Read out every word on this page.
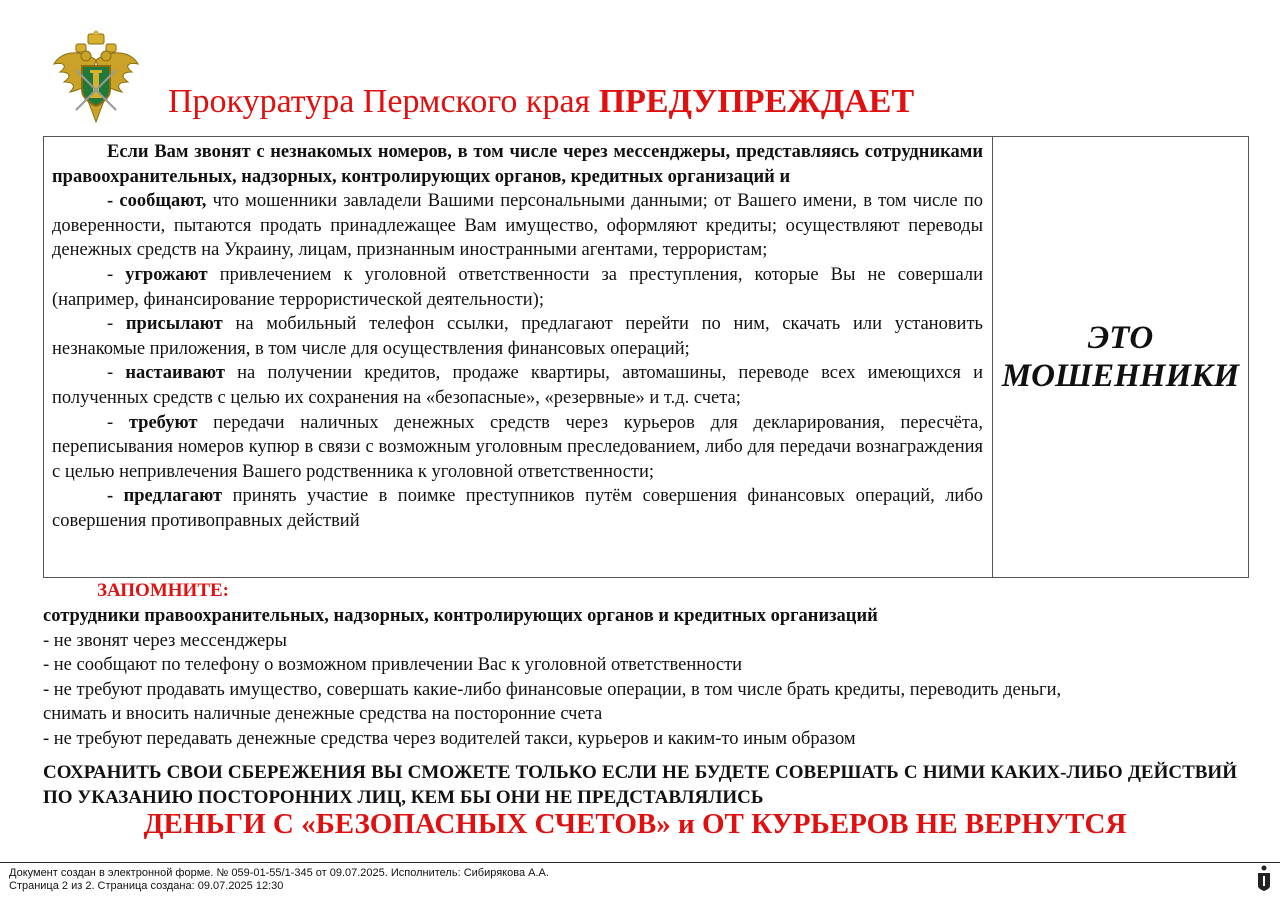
Прокуратура Пермского края ПРЕДУПРЕЖДАЕТ

Если Вам звонят с незнакомых номеров, в том числе через мессенджеры, представляясь сотрудниками правоохранительных, надзорных, контролирующих органов, кредитных организаций и

- сообщают, что мошенники завладели Вашими персональными данными; от Вашего имени, в том числе по доверенности, пытаются продать принадлежащее Вам имущество, оформляют кредиты; осуществляют переводы денежных средств на Украину, лицам, признанным иностранными агентами, террористам;

- угрожают привлечением к уголовной ответственности за преступления, которые Вы не совершали (например, финансирование террористической деятельности);

- присылают на мобильный телефон ссылки, предлагают перейти по ним, скачать или установить незнакомые приложения, в том числе для осуществления финансовых операций;

- настаивают на получении кредитов, продаже квартиры, автомашины, переводе всех имеющихся и полученных средств с целью их сохранения на «безопасные», «резервные» и т.д. счета;

- требуют передачи наличных денежных средств через курьеров для декларирования, пересчёта, переписывания номеров купюр в связи с возможным уголовным преследованием, либо для передачи вознаграждения с целью непривлечения Вашего родственника к уголовной ответственности;

- предлагают принять участие в поимке преступников путём совершения финансовых операций, либо совершения противоправных действий

ЭТО
МОШЕННИКИ
ЗАПОМНИТЕ:
сотрудники правоохранительных, надзорных, контролирующих органов и кредитных организаций
- не звонят через мессенджеры
- не сообщают по телефону о возможном привлечении Вас к уголовной ответственности
- не требуют продавать имущество, совершать какие-либо финансовые операции, в том числе брать кредиты, переводить деньги,
снимать и вносить наличные денежные средства на посторонние счета
- не требуют передавать денежные средства через водителей такси, курьеров и каким-то иным образом
СОХРАНИТЬ СВОИ СБЕРЕЖЕНИЯ ВЫ СМОЖЕТЕ ТОЛЬКО ЕСЛИ НЕ БУДЕТЕ СОВЕРШАТЬ С НИМИ КАКИХ-ЛИБО ДЕЙСТВИЙ ПО УКАЗАНИЮ ПОСТОРОННИХ ЛИЦ, КЕМ БЫ ОНИ НЕ ПРЕДСТАВЛЯЛИСЬ
ДЕНЬГИ С «БЕЗОПАСНЫХ СЧЕТОВ» и ОТ КУРЬЕРОВ НЕ ВЕРНУТСЯ
Документ создан в электронной форме. № 059-01-55/1-345 от 09.07.2025. Исполнитель: Сибирякова А.А.
Страница 2 из 2. Страница создана: 09.07.2025 12:30
